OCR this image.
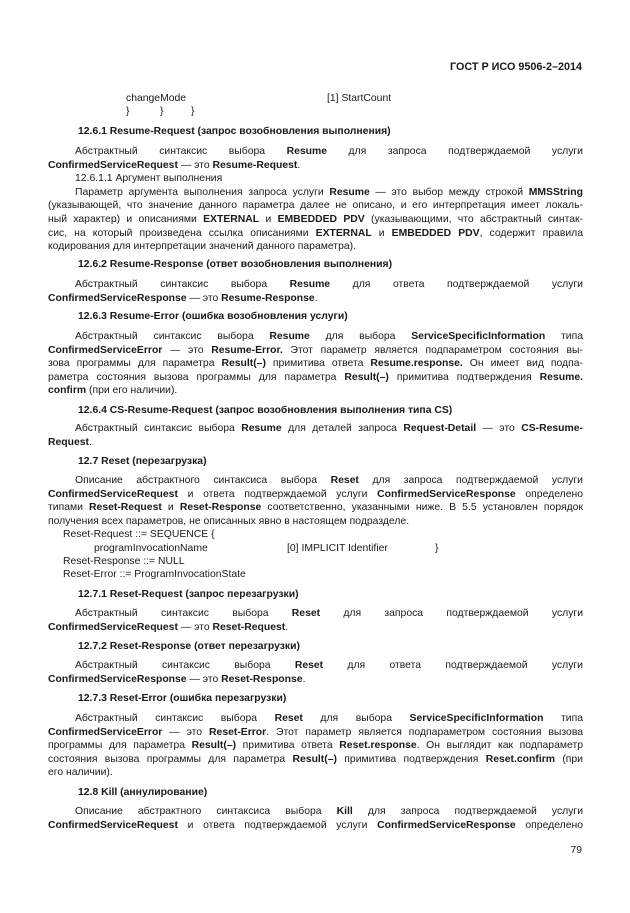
ГОСТ Р ИСО 9506-2–2014
changeMode	[1] StartCount
}	}	}
12.6.1 Resume-Request (запрос возобновления выполнения)
Абстрактный синтаксис выбора Resume для запроса подтверждаемой услуги
ConfirmedServiceRequest — это Resume-Request.
12.6.1.1 Аргумент выполнения
Параметр аргумента выполнения запроса услуги Resume — это выбор между строкой MMSString
(указывающей, что значение данного параметра далее не описано, и его интерпретация имеет локаль-
ный характер) и описаниями EXTERNAL и EMBEDDED PDV (указывающими, что абстрактный синтак-
сис, на который произведена ссылка описаниями EXTERNAL и EMBEDDED PDV, содержит правила
кодирования для интерпретации значений данного параметра).
12.6.2 Resume-Response (ответ возобновления выполнения)
Абстрактный синтаксис выбора Resume для ответа подтверждаемой услуги
ConfirmedServiceResponse — это Resume-Response.
12.6.3 Resume-Error (ошибка возобновления услуги)
Абстрактный синтаксис выбора Resume для выбора ServiceSpecificInformation типа
ConfirmedServiceError — это Resume-Error. Этот параметр является подпараметром состояния вы-
зова программы для параметра Result(–) примитива ответа Resume.response. Он имеет вид подпа-
раметра состояния вызова программы для параметра Result(–) примитива подтверждения Resume.
confirm (при его наличии).
12.6.4 CS-Resume-Request (запрос возобновления выполнения типа CS)
Абстрактный синтаксис выбора Resume для деталей запроса Request-Detail — это CS-Resume-
Request.
12.7 Reset (перезагрузка)
Описание абстрактного синтаксиса выбора Reset для запроса подтверждаемой услуги
ConfirmedServiceRequest и ответа подтверждаемой услуги ConfirmedServiceResponse определено
типами Reset-Request и Reset-Response соответственно, указанными ниже. В 5.5 установлен порядок
получения всех параметров, не описанных явно в настоящем подразделе.
Reset-Request ::= SEQUENCE {
programInvocationName	[0] IMPLICIT Identifier	}
Reset-Response ::= NULL
Reset-Error ::= ProgramInvocationState
12.7.1 Reset-Request (запрос перезагрузки)
Абстрактный синтаксис выбора Reset для запроса подтверждаемой услуги
ConfirmedServiceRequest — это Reset-Request.
12.7.2 Reset-Response (ответ перезагрузки)
Абстрактный синтаксис выбора Reset для ответа подтверждаемой услуги
ConfirmedServiceResponse — это Reset-Response.
12.7.3 Reset-Error (ошибка перезагрузки)
Абстрактный синтаксис выбора Reset для выбора ServiceSpecificInformation типа
ConfirmedServiceError — это Reset-Error. Этот параметр является подпараметром состояния вызова
программы для параметра Result(–) примитива ответа Reset.response. Он выглядит как подпараметр
состояния вызова программы для параметра Result(–) примитива подтверждения Reset.confirm (при
его наличии).
12.8 Kill (аннулирование)
Описание абстрактного синтаксиса выбора Kill для запроса подтверждаемой услуги
ConfirmedServiceRequest и ответа подтверждаемой услуги ConfirmedServiceResponse определено
79
